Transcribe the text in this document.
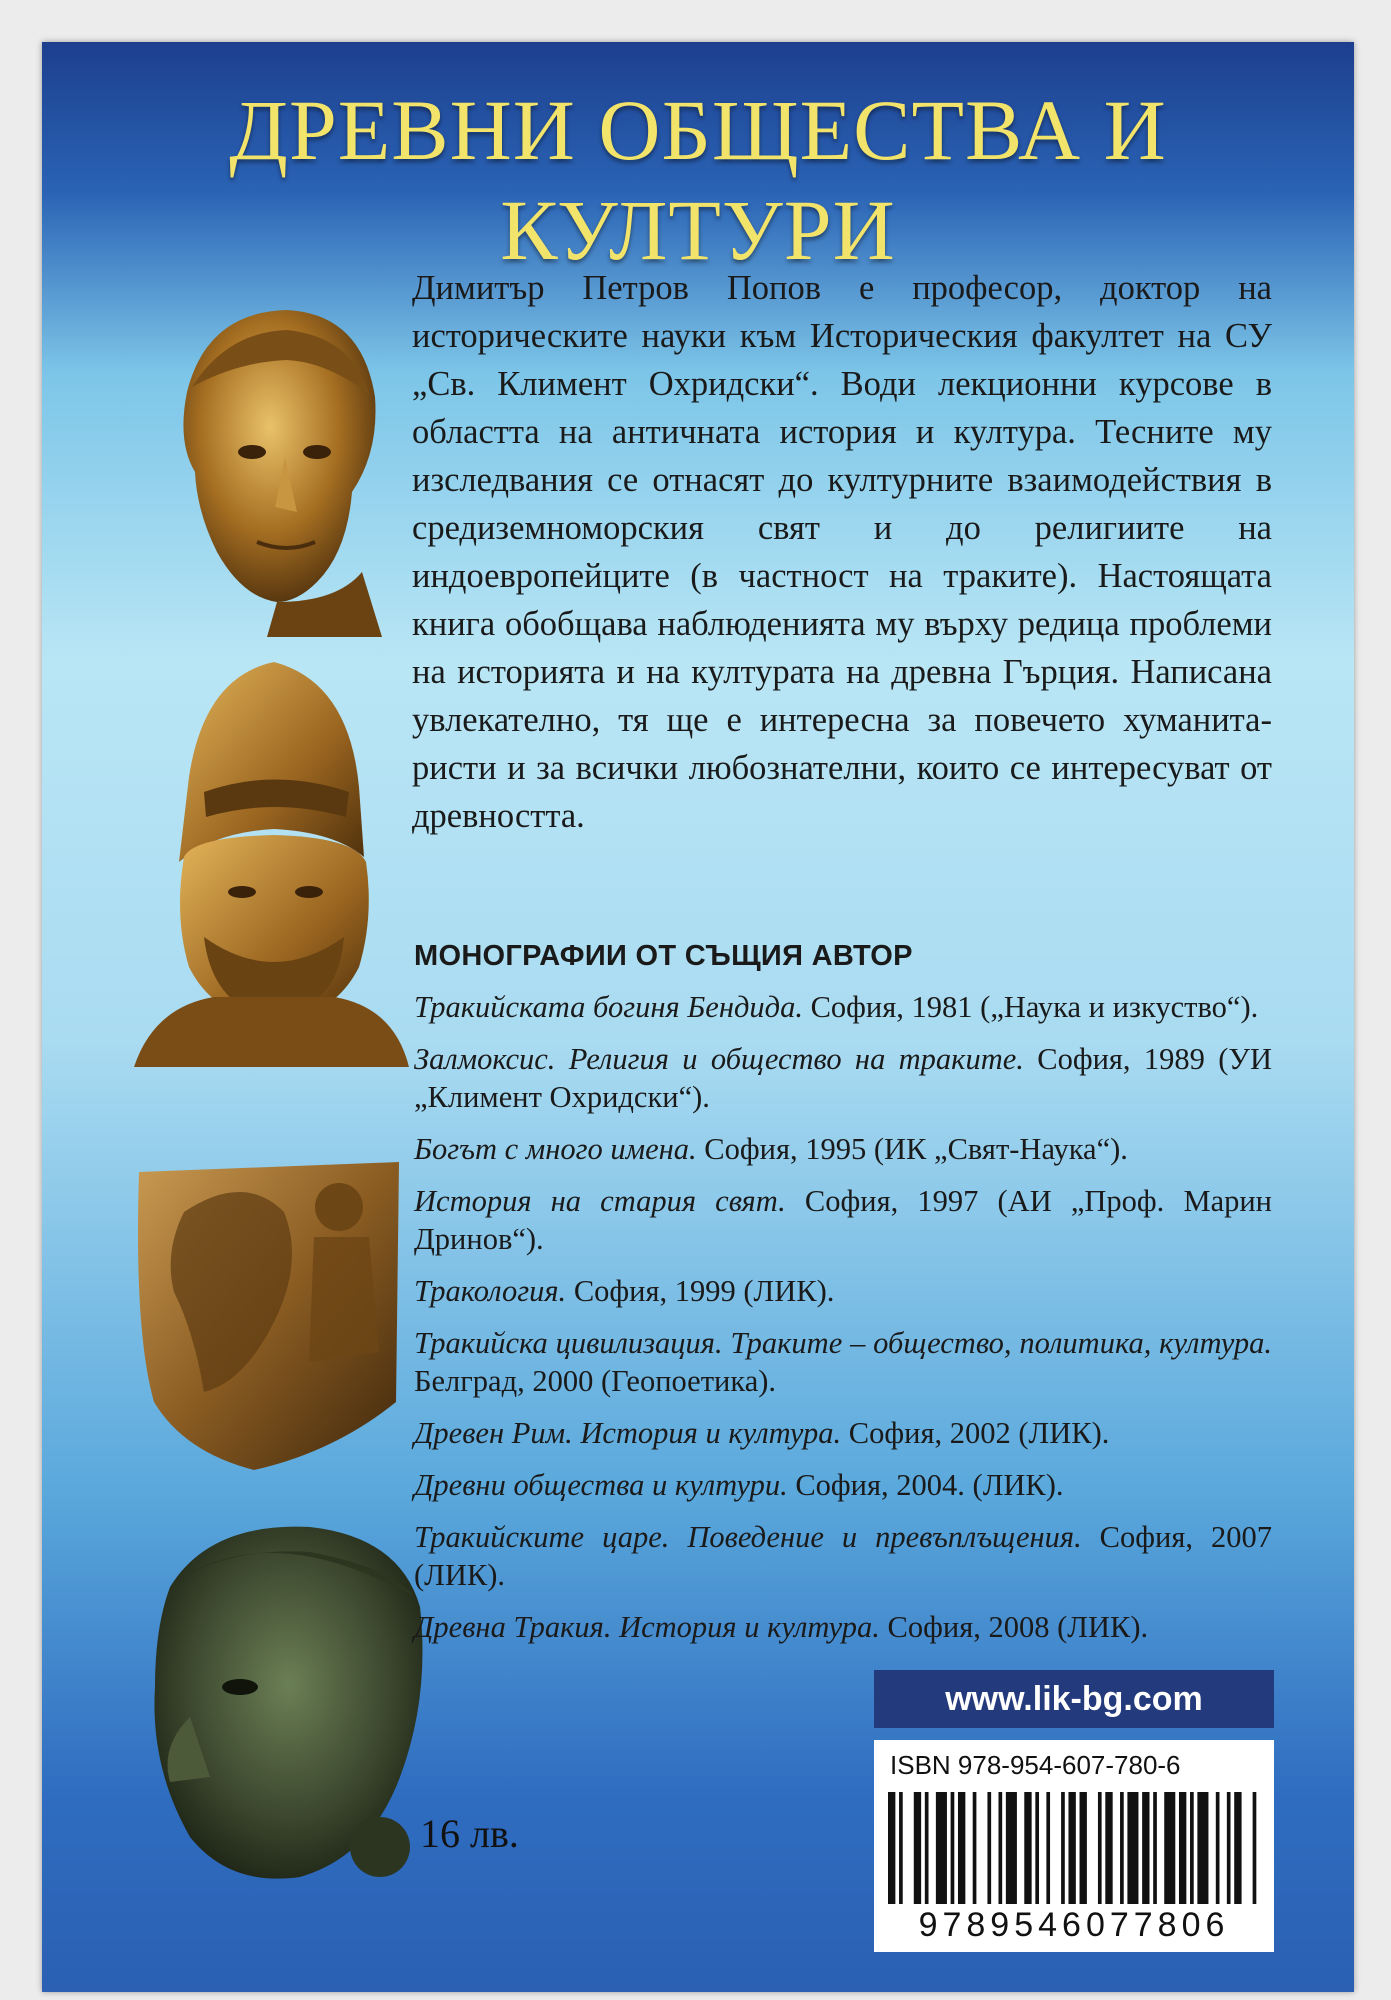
ДРЕВНИ ОБЩЕСТВА И КУЛТУРИ

Димитър Петров Попов е професор, доктор на историческите науки към Историческия факултет на СУ „Св. Климент Охридски“. Води лекционни курсове в областта на античната история и култура. Тесните му изследвания се отнасят до културните взаимодействия в средиземноморския свят и до религиите на индоевропейците (в частност на траките). Настоящата книга обобщава наблюденията му върху редица проблеми на историята и на културата на древна Гърция. Написана увлекателно, тя ще е интересна за повечето хуманитаристи и за всички любознателни, които се интересуват от древността.

МОНОГРАФИИ ОТ СЪЩИЯ АВТОР
Тракийската богиня Бендида. София, 1981 („Наука и изкуство“).
Залмоксис. Религия и общество на траките. София, 1989 (УИ „Климент Охридски“).
Богът с много имена. София, 1995 (ИК „Свят-Наука“).
История на стария свят. София, 1997 (АИ „Проф. Марин Дринов“).
Тракология. София, 1999 (ЛИК).
Тракийска цивилизация. Траките – общество, политика, култура. Белград, 2000 (Геопоетика).
Древен Рим. История и култура. София, 2002 (ЛИК).
Древни общества и култури. София, 2004. (ЛИК).
Тракийските царе. Поведение и превъплъщения. София, 2007 (ЛИК).
Древна Тракия. История и култура. София, 2008 (ЛИК).
16 лв.
www.lik-bg.com
ISBN 978-954-607-780-6
9789546077806
